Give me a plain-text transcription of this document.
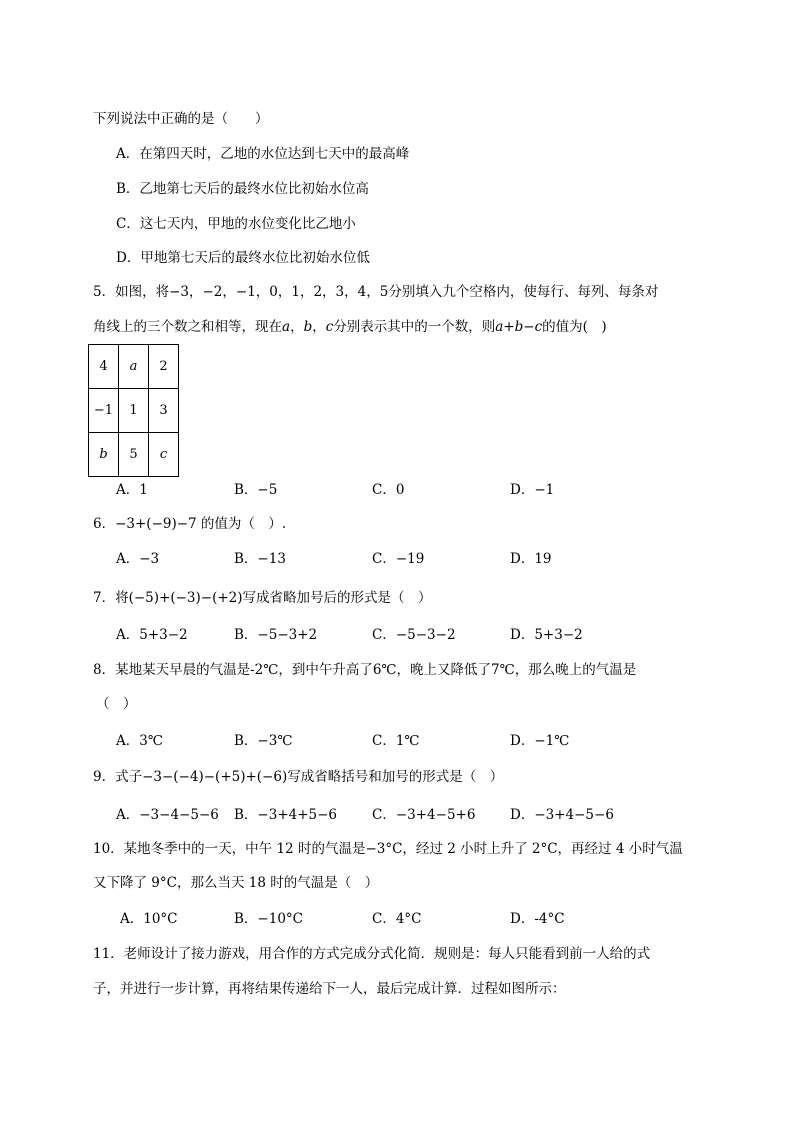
下列说法中正确的是（　　）
A．在第四天时，乙地的水位达到七天中的最高峰
B．乙地第七天后的最终水位比初始水位高
C．这七天内，甲地的水位变化比乙地小
D．甲地第七天后的最终水位比初始水位低
5．如图，将−3，−2，−1，0，1，2，3，4，5分别填入九个空格内，使每行、每列、每条对
角线上的三个数之和相等，现在a，b，c分别表示其中的一个数，则a+b−c的值为(　)
4	a	2
−1	1	3
b	5	c
A．1	B．−5	C．0	D．−1
6．−3+(−9)−7 的值为（　）.
A．−3	B．−13	C．−19	D．19
7．将(−5)+(−3)−(+2)写成省略加号后的形式是（　）
A．5+3−2	B．−5−3+2	C．−5−3−2	D．5+3−2
8．某地某天早晨的气温是-2℃，到中午升高了6℃，晚上又降低了7℃，那么晚上的气温是
（　）
A．3℃	B．−3℃	C．1℃	D．−1℃
9．式子−3−(−4)−(+5)+(−6)写成省略括号和加号的形式是（　）
A．−3−4−5−6 B．−3+4+5−6	C．−3+4−5+6	D．−3+4−5−6
10．某地冬季中的一天，中午 12 时的气温是−3°C，经过 2 小时上升了 2°C，再经过 4 小时气温
又下降了 9°C，那么当天 18 时的气温是（　）
A．10°C	B．−10°C	C．4°C	D．-4°C
11．老师设计了接力游戏，用合作的方式完成分式化简．规则是：每人只能看到前一人给的式
子，并进行一步计算，再将结果传递给下一人，最后完成计算．过程如图所示：
